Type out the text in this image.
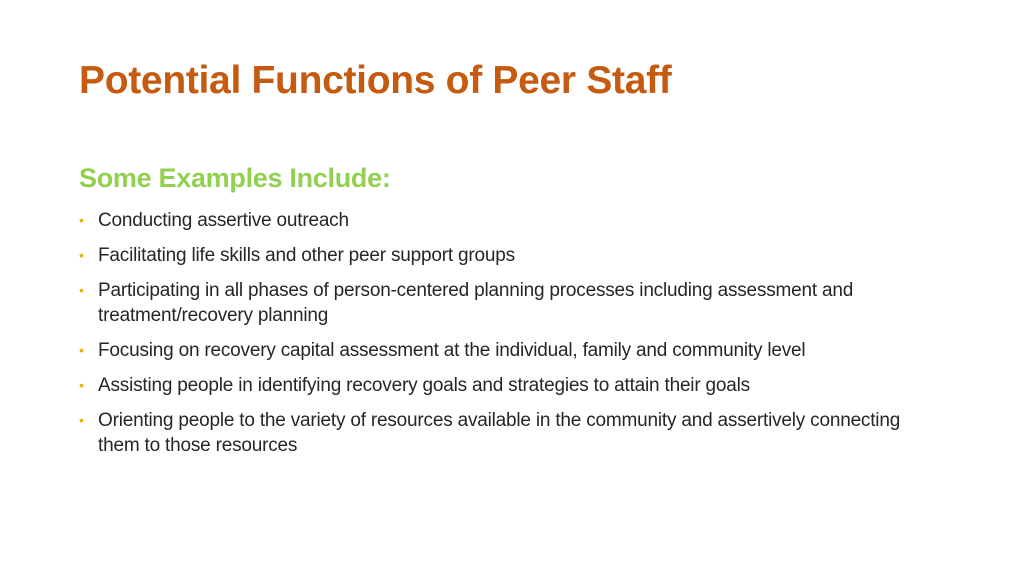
Potential Functions of Peer Staff
Some Examples Include:
• Conducting assertive outreach
• Facilitating life skills and other peer support groups
• Participating in all phases of person-centered planning processes including assessment and treatment/recovery planning
• Focusing on recovery capital assessment at the individual, family and community level
• Assisting people in identifying recovery goals and strategies to attain their goals
• Orienting people to the variety of resources available in the community and assertively connecting them to those resources
